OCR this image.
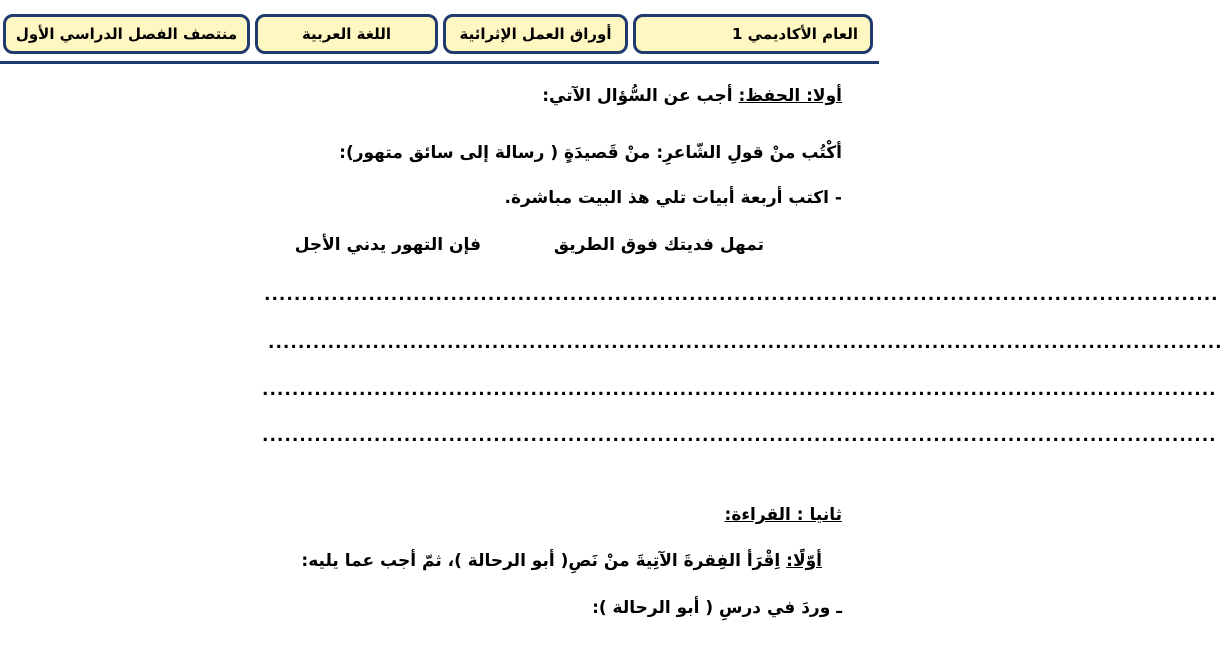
العام الأكاديمي 1
أوراق العمل الإثرائية
اللغة العربية
منتصف الفصل الدراسي الأول
أولا: الحفظ: أجب عن السُّؤال الآتي:
أكْتُب منْ قولِ الشّاعرِ: منْ قَصيدَةٍ ( رسالة إلى سائق متهور):
- اكتب أربعة أبيات تلي هذ البيت مباشرة.
تمهل فديتك فوق الطريق
فإن التهور يدني الأجل
................................................................................................................................
................................................................................................................................
................................................................................................................................
................................................................................................................................
ثانيا : القراءة:
أوّلًا: اِقْرَأ الفِقرةَ الآتِيةَ منْ نَصِ( أبو الرحالة )، ثمّ أجب عما يليه:
ـ وردَ في درسِ ( أبو الرحالة ):
